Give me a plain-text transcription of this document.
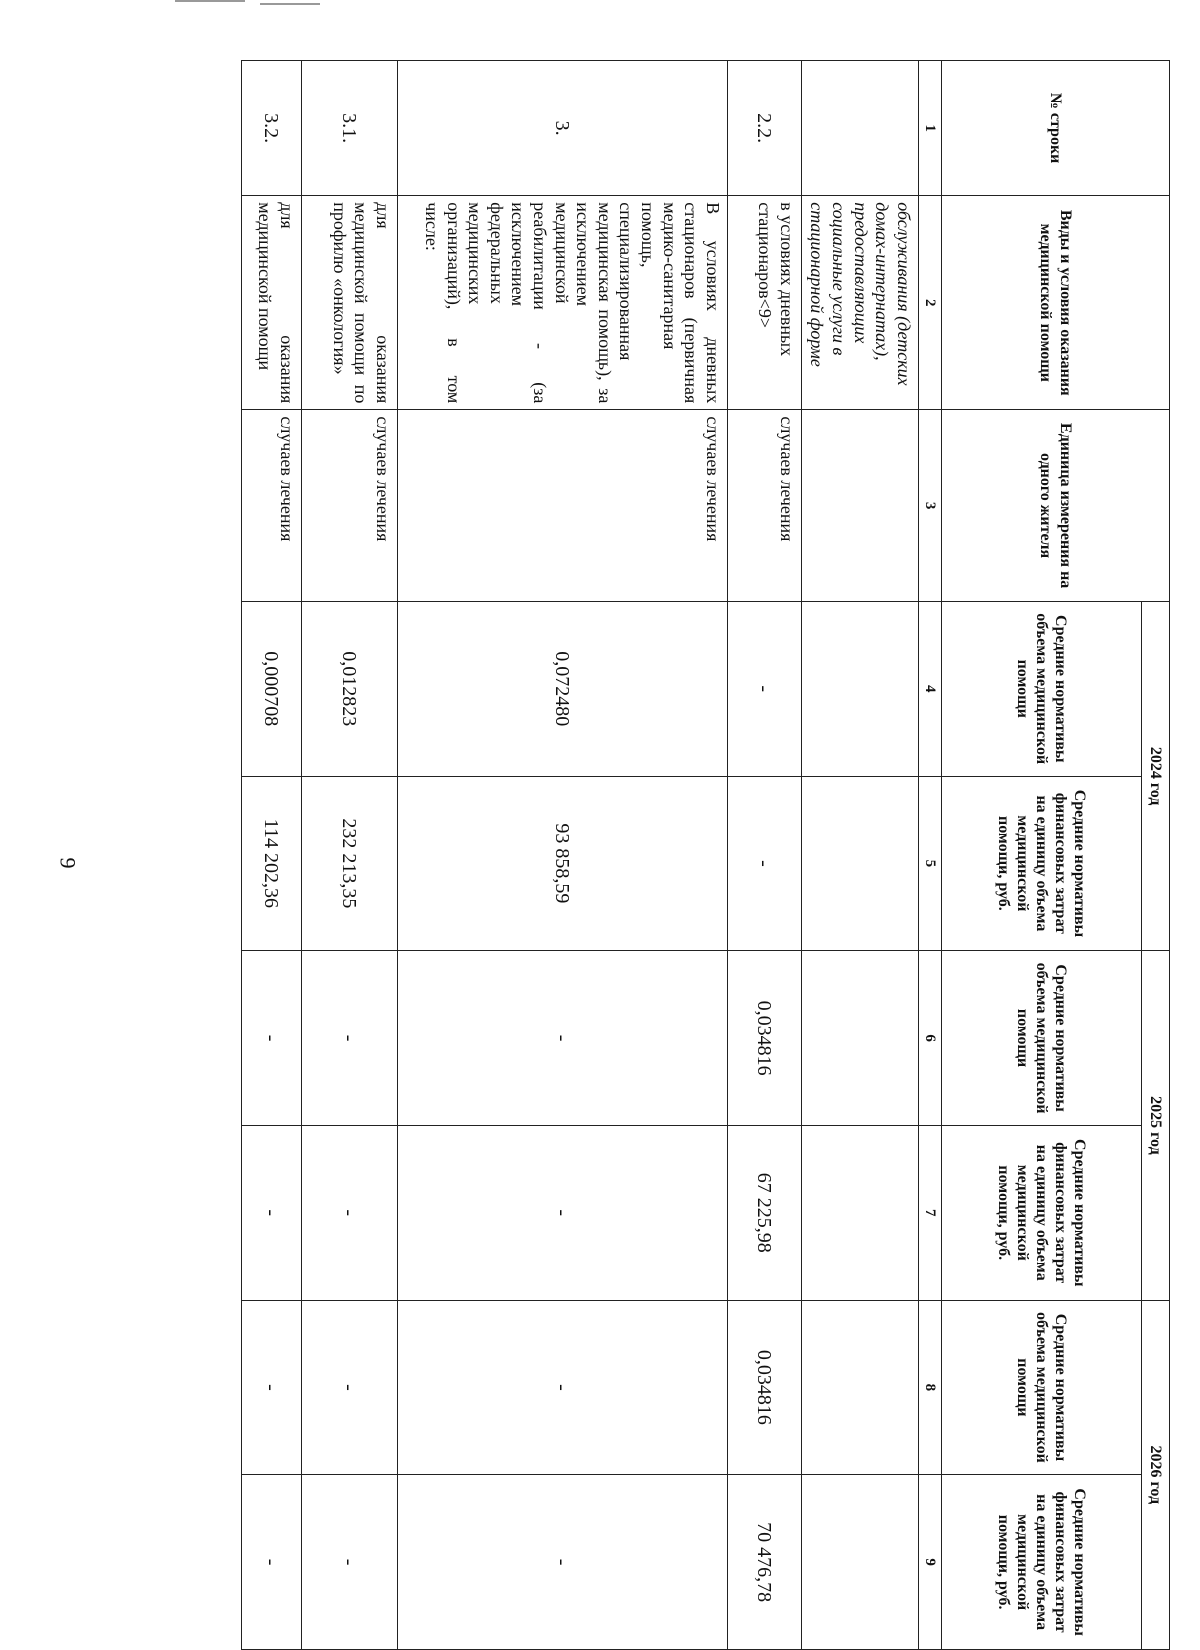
9
№ строки	Виды и условия оказания медицинской помощи	Единица измерения на одного жителя	2024 год		2025 год		2026 год	
			Средние нормативы объема медицинской помощи	Средние нормативы финансовых затрат на единицу объема медицинской помощи, руб.	Средние нормативы объема медицинской помощи	Средние нормативы финансовых затрат на единицу объема медицинской помощи, руб.	Средние нормативы объема медицинской помощи	Средние нормативы финансовых затрат на единицу объема медицинской помощи, руб.
1	2	3	4	5	6	7	8	9
	обслуживания (детских домах-интернатах), предоставляющих социальные услуги в стационарной форме							
2.2.	в условиях дневных стационаров<9>	случаев лечения	-	-	0,034816	67 225,98	0,034816	70 476,78
3.	В условиях дневных стационаров (первичная медико-санитарная помощь, специализированная медицинская помощь), за исключением медицинской реабилитации - (за исключением федеральных медицинских организаций), в том числе:	случаев лечения	0,072480	93 858,59	-	-	-	-
3.1.	для оказания медицинской помощи по профилю «онкология»	случаев лечения	0,012823	232 213,35	-	-	-	-
3.2.	для оказания медицинской помощи	случаев лечения	0,000708	114 202,36	-	-	-	-
